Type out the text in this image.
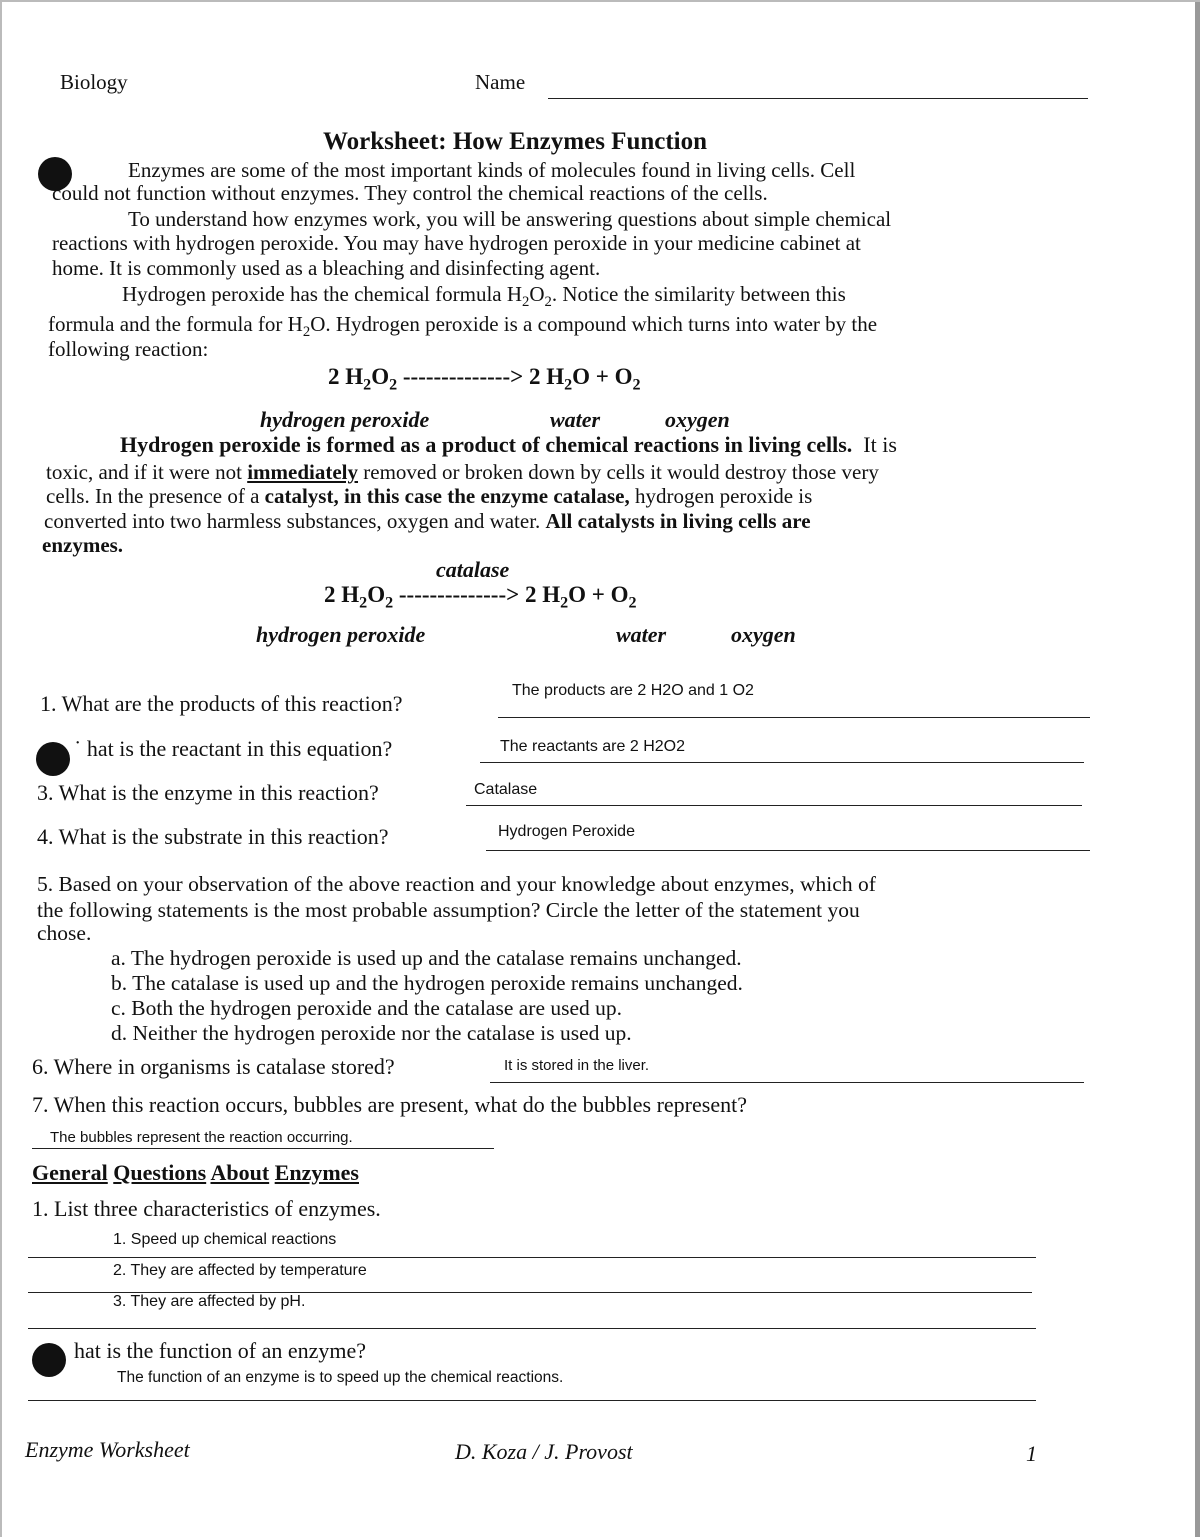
Biology	Name
Worksheet: How Enzymes Function
Enzymes are some of the most important kinds of molecules found in living cells. Cell
could not function without enzymes. They control the chemical reactions of the cells.
To understand how enzymes work, you will be answering questions about simple chemical
reactions with hydrogen peroxide. You may have hydrogen peroxide in your medicine cabinet at
home. It is commonly used as a bleaching and disinfecting agent.
Hydrogen peroxide has the chemical formula $H_2O_2$. Notice the similarity between this
formula and the formula for $H_2O$. Hydrogen peroxide is a compound which turns into water by the
following reaction:
2 $H_2O_2$ --------------> 2 $H_2O + O_2$
hydrogen peroxide	water	oxygen
Hydrogen peroxide is formed as a product of chemical reactions in living cells. It is
toxic, and if it were not immediately removed or broken down by cells it would destroy those very
cells. In the presence of a catalyst, in this case the enzyme catalase, hydrogen peroxide is
converted into two harmless substances, oxygen and water. All catalysts in living cells are
enzymes.
catalase
2 $H_2O_2$ --------------> 2 $H_2O + O_2$
hydrogen peroxide	water	oxygen
1. What are the products of this reaction?
The products are 2 H2O and 1 O2
˙ hat is the reactant in this equation?	The reactants are 2 H2O2
3. What is the enzyme in this reaction?	Catalase
4. What is the substrate in this reaction?	Hydrogen Peroxide
5. Based on your observation of the above reaction and your knowledge about enzymes, which of
the following statements is the most probable assumption? Circle the letter of the statement you
chose.
a. The hydrogen peroxide is used up and the catalase remains unchanged.
b. The catalase is used up and the hydrogen peroxide remains unchanged.
c. Both the hydrogen peroxide and the catalase are used up.
d. Neither the hydrogen peroxide nor the catalase is used up.
6. Where in organisms is catalase stored?	It is stored in the liver.
7. When this reaction occurs, bubbles are present, what do the bubbles represent?
The bubbles represent the reaction occurring.
General Questions About Enzymes
1. List three characteristics of enzymes.
1. Speed up chemical reactions
2. They are affected by temperature
3. They are affected by pH.
hat is the function of an enzyme?
The function of an enzyme is to speed up the chemical reactions.
Enzyme Worksheet	D. Koza / J. Provost	1
